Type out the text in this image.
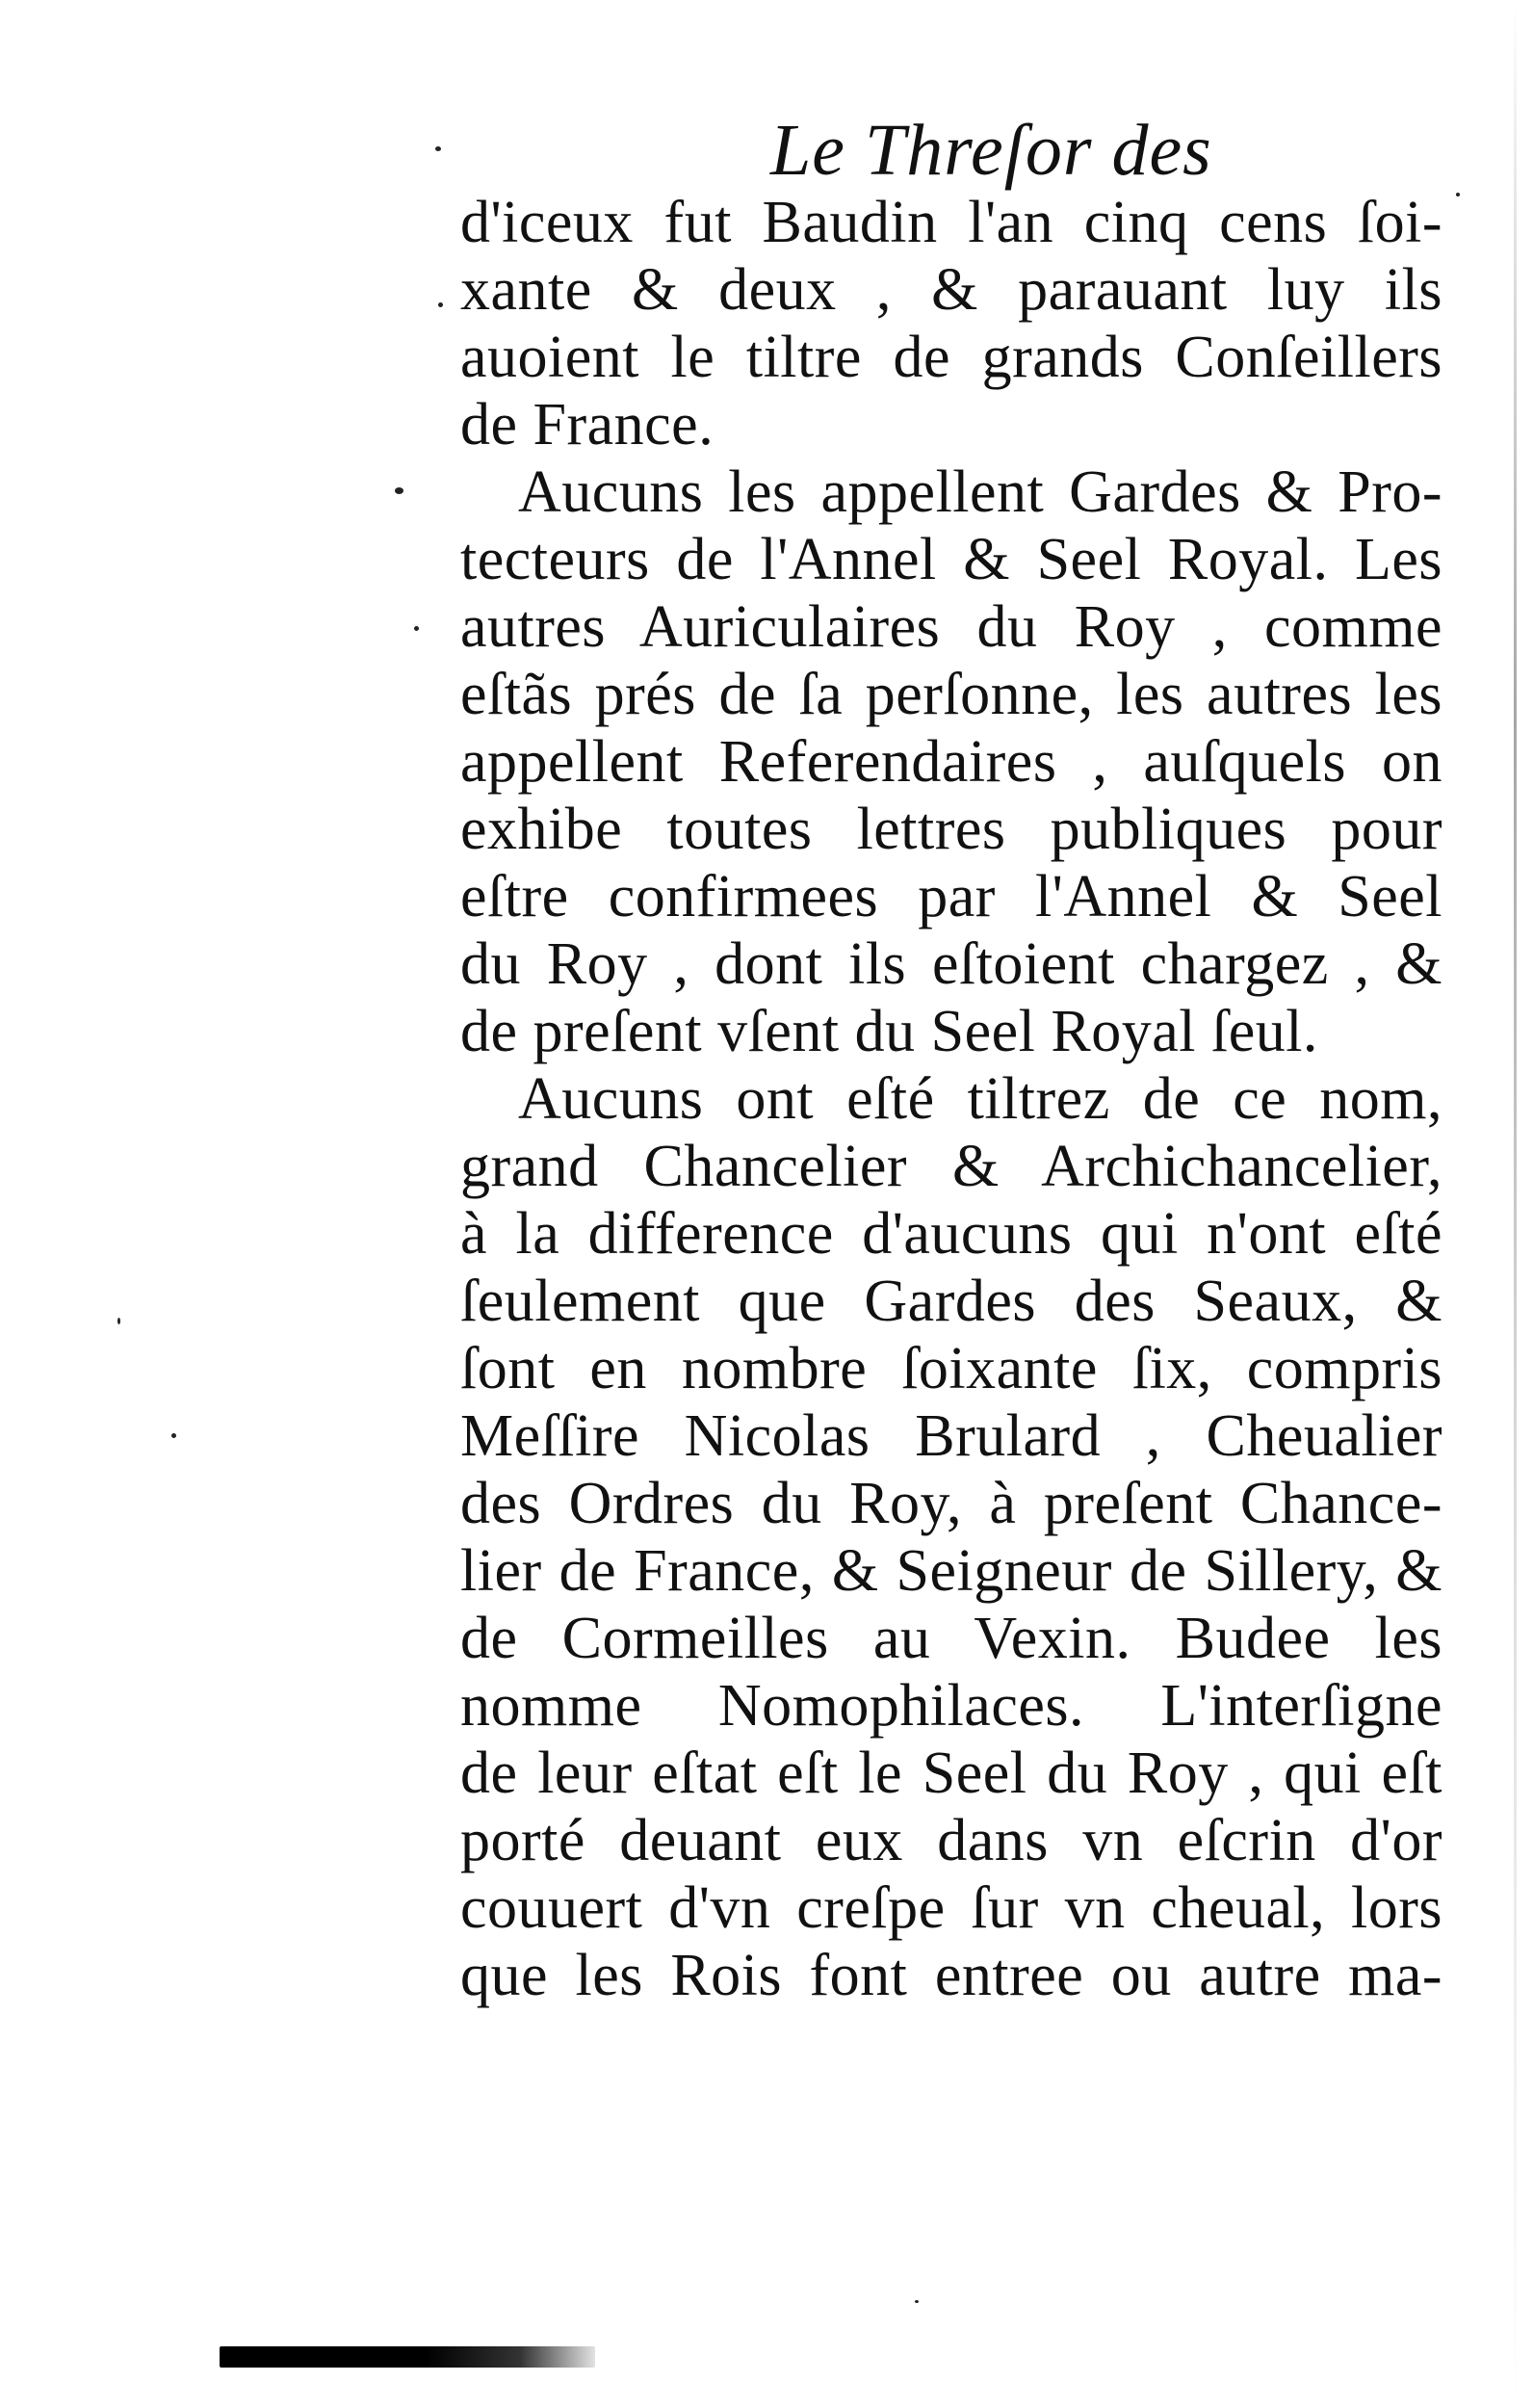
Le Threſor des
d'iceux fut Baudin l'an cinq cens ſoi-
xante & deux , & parauant luy ils
auoient le tiltre de grands Conſeillers
de France.
Aucuns les appellent Gardes & Pro-
tecteurs de l'Annel & Seel Royal. Les
autres Auriculaires du Roy , comme
eſtãs prés de ſa perſonne, les autres les
appellent Referendaires , auſquels on
exhibe toutes lettres publiques pour
eſtre confirmees par l'Annel & Seel
du Roy , dont ils eſtoient chargez , &
de preſent vſent du Seel Royal ſeul.
Aucuns ont eſté tiltrez de ce nom,
grand Chancelier & Archichancelier,
à la difference d'aucuns qui n'ont eſté
ſeulement que Gardes des Seaux, &
ſont en nombre ſoixante ſix, compris
Meſſire Nicolas Brulard , Cheualier
des Ordres du Roy, à preſent Chance-
lier de France, & Seigneur de Sillery, &
de Cormeilles au Vexin. Budee les
nomme Nomophilaces. L'interſigne
de leur eſtat eſt le Seel du Roy , qui eſt
porté deuant eux dans vn eſcrin d'or
couuert d'vn creſpe ſur vn cheual, lors
que les Rois font entree ou autre ma-
